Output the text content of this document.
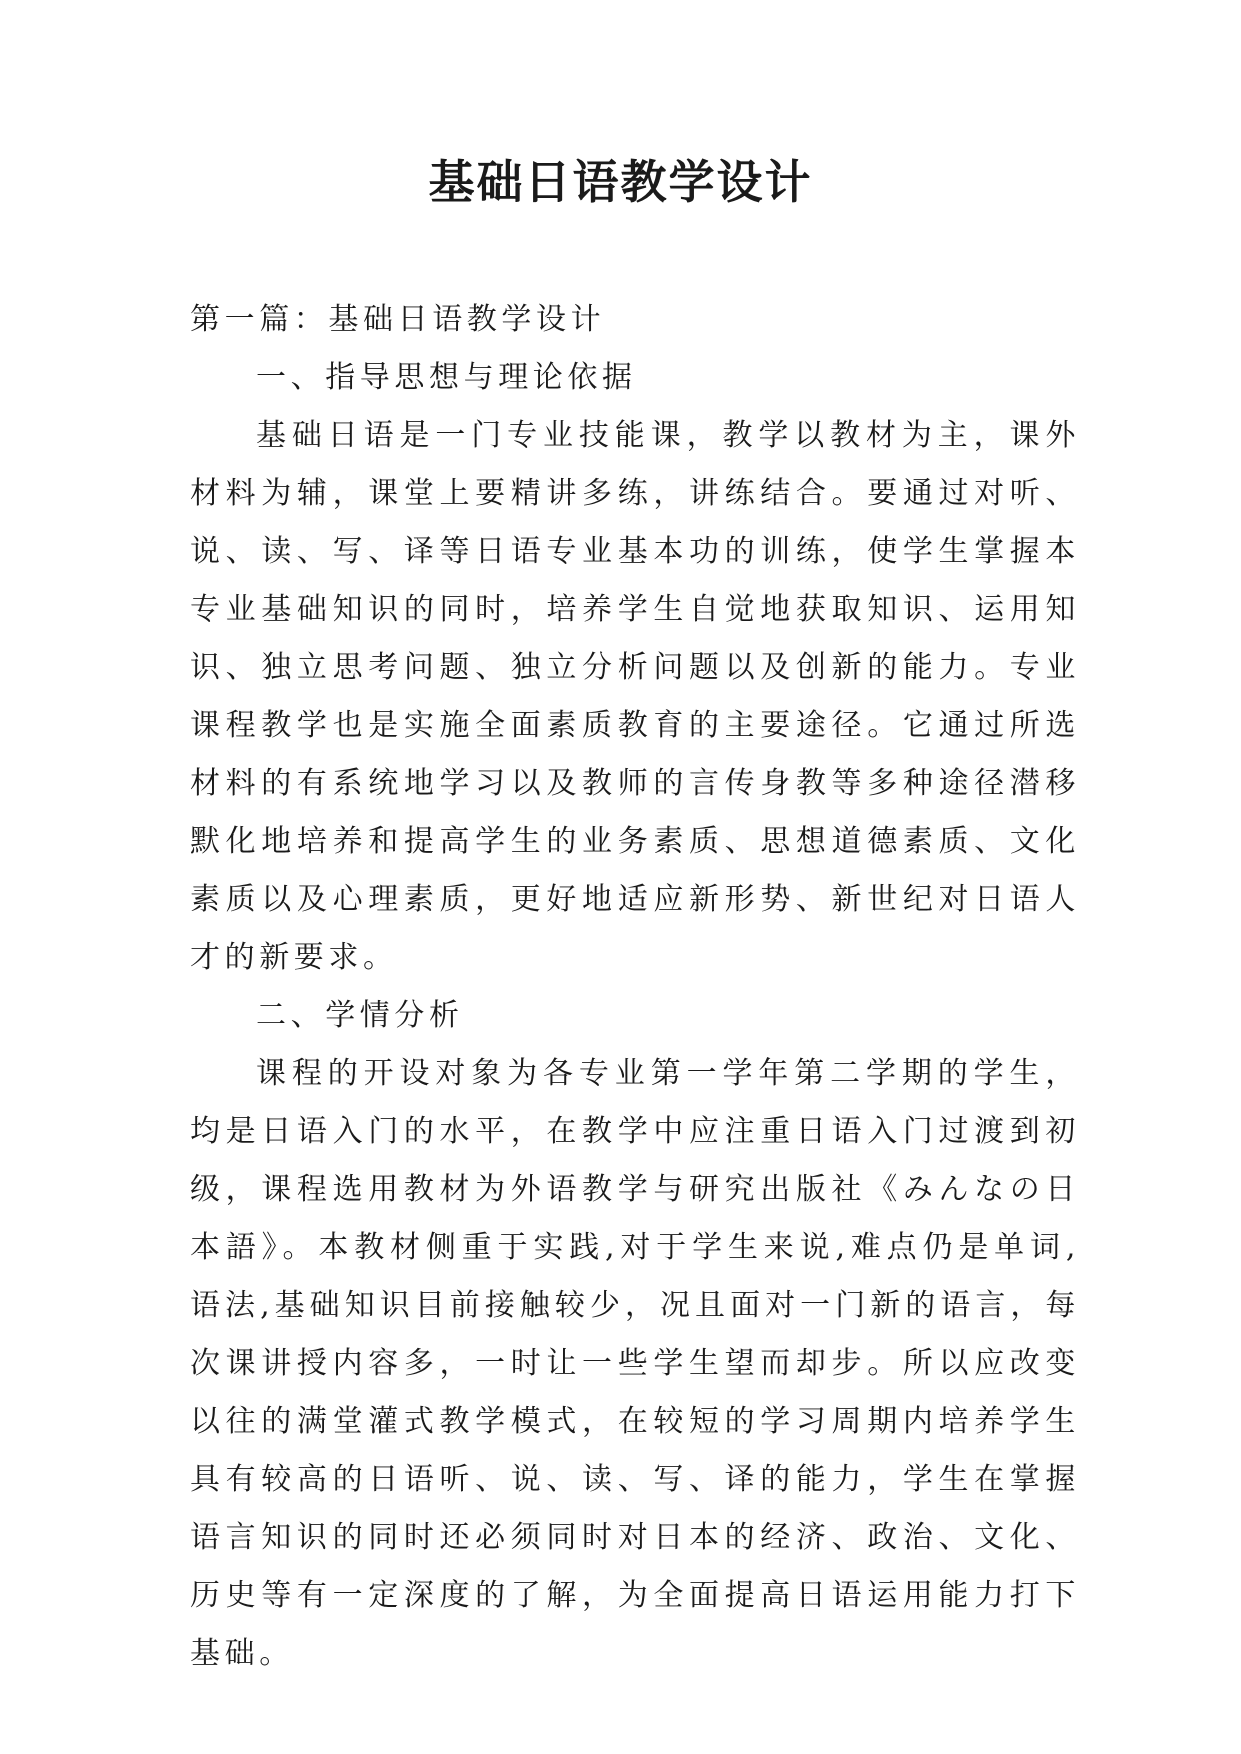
基础日语教学设计

第一篇：基础日语教学设计

一、指导思想与理论依据

基础日语是一门专业技能课，教学以教材为主，课外材料为辅，课堂上要精讲多练，讲练结合。要通过对听、说、读、写、译等日语专业基本功的训练，使学生掌握本专业基础知识的同时，培养学生自觉地获取知识、运用知识、独立思考问题、独立分析问题以及创新的能力。专业课程教学也是实施全面素质教育的主要途径。它通过所选材料的有系统地学习以及教师的言传身教等多种途径潜移默化地培养和提高学生的业务素质、思想道德素质、文化素质以及心理素质，更好地适应新形势、新世纪对日语人才的新要求。

二、学情分析

课程的开设对象为各专业第一学年第二学期的学生，均是日语入门的水平，在教学中应注重日语入门过渡到初级，课程选用教材为外语教学与研究出版社《みんなの日本語》。本教材侧重于实践,对于学生来说,难点仍是单词,语法,基础知识目前接触较少，况且面对一门新的语言，每次课讲授内容多，一时让一些学生望而却步。所以应改变以往的满堂灌式教学模式，在较短的学习周期内培养学生具有较高的日语听、说、读、写、译的能力，学生在掌握语言知识的同时还必须同时对日本的经济、政治、文化、历史等有一定深度的了解，为全面提高日语运用能力打下基础。
